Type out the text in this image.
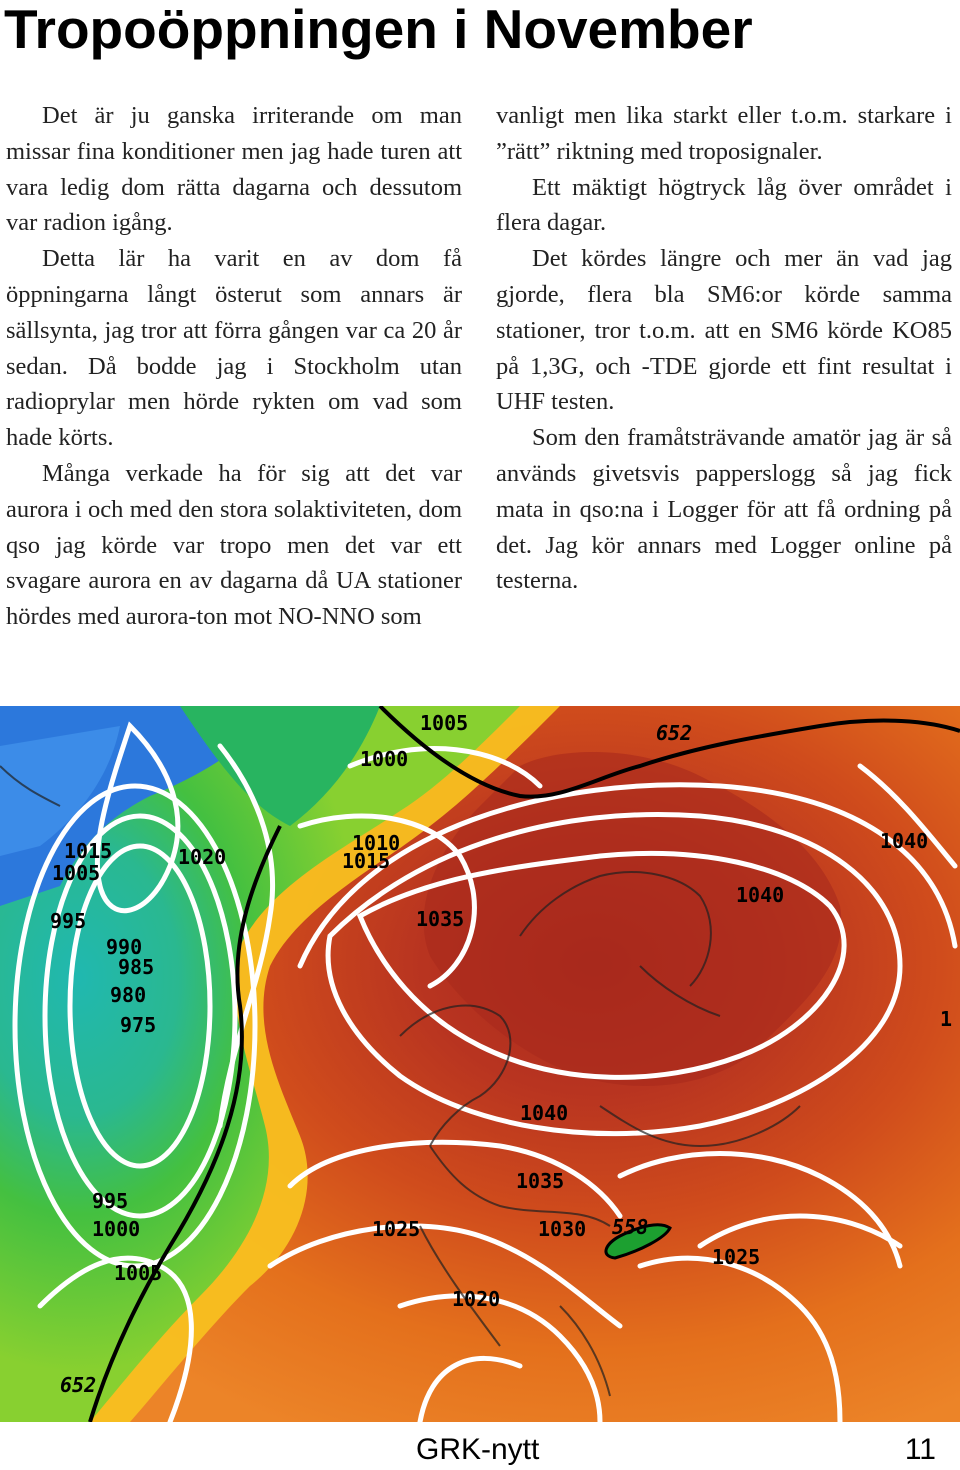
Tropoöppningen i November

Det är ju ganska irriterande om man missar fina konditioner men jag hade turen att vara ledig dom rätta dagarna och dessutom var radion igång.

Detta lär ha varit en av dom få öppningarna långt österut som annars är sällsynta, jag tror att förra gången var ca 20 år sedan. Då bodde jag i Stockholm utan radioprylar men hörde rykten om vad som hade körts.

Många verkade ha för sig att det var aurora i och med den stora solaktiviteten, dom qso jag körde var tropo men det var ett svagare aurora en av dagarna då UA stationer hördes med aurora-ton mot NO-NNO som

vanligt men lika starkt eller t.o.m. starkare i ”rätt” riktning med troposignaler.

Ett mäktigt högtryck låg över området i flera dagar.

Det kördes längre och mer än vad jag gjorde, flera bla SM6:or körde samma stationer, tror t.o.m. att en SM6 körde KO85 på 1,3G, och -TDE gjorde ett fint resultat i UHF testen.

Som den framåtsträvande amatör jag är så används givetsvis papperslogg så jag fick mata in qso:na i Logger för att få ordning på det. Jag kör annars med Logger online på testerna.

1005
1000
652
1010
1015
1015	1020
1005
1040
995	1035
1040
990
985
980
975	1
1040
1035
995
1000	1025	1030 558
1025
1005
1020
652
GRK-nytt	11
